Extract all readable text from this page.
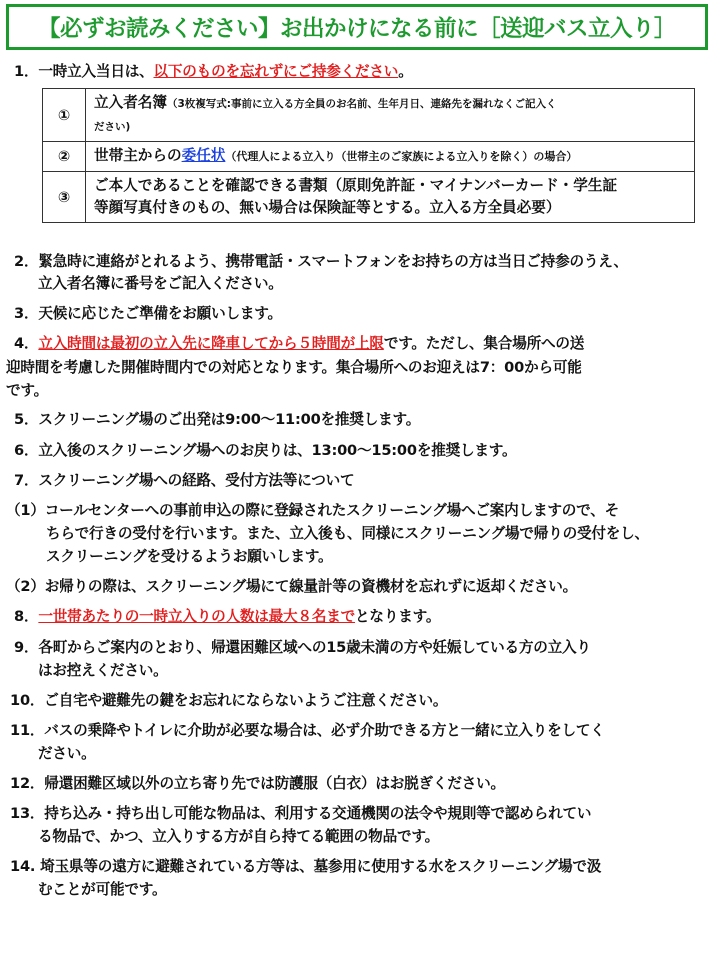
【必ずお読みください】お出かけになる前に［送迎バス立入り］
1．一時立入当日は、以下のものを忘れずにご持参ください。
①	立入者名簿（3枚複写式:事前に立入る方全員のお名前、生年月日、連絡先を漏れなくご記入く
ださい)
②	世帯主からの委任状（代理人による立入り（世帯主のご家族による立入りを除く）の場合）
③	ご本人であることを確認できる書類（原則免許証・マイナンバーカード・学生証
等顔写真付きのもの、無い場合は保険証等とする。立入る方全員必要）
2．緊急時に連絡がとれるよう、携帯電話・スマートフォンをお持ちの方は当日ご持参のうえ、
立入者名簿に番号をご記入ください。
3．天候に応じたご準備をお願いします。
4．立入時間は最初の立入先に降車してから５時間が上限です。ただし、集合場所への送
迎時間を考慮した開催時間内での対応となります。集合場所へのお迎えは7：00から可能
です。
5．スクリーニング場のご出発は9:00～11:00を推奨します。
6．立入後のスクリーニング場へのお戻りは、13:00～15:00を推奨します。
7．スクリーニング場への経路、受付方法等について
（1）コールセンターへの事前申込の際に登録されたスクリーニング場へご案内しますので、そ
ちらで行きの受付を行います。また、立入後も、同様にスクリーニング場で帰りの受付をし、
スクリーニングを受けるようお願いします。
（2）お帰りの際は、スクリーニング場にて線量計等の資機材を忘れずに返却ください。
8．一世帯あたりの一時立入りの人数は最大８名までとなります。
9．各町からご案内のとおり、帰還困難区域への15歳未満の方や妊娠している方の立入り
はお控えください。
10．ご自宅や避難先の鍵をお忘れにならないようご注意ください。
11．バスの乗降やトイレに介助が必要な場合は、必ず介助できる方と一緒に立入りをしてく
ださい。
12．帰還困難区域以外の立ち寄り先では防護服（白衣）はお脱ぎください。
13．持ち込み・持ち出し可能な物品は、利用する交通機関の法令や規則等で認められてい
る物品で、かつ、立入りする方が自ら持てる範囲の物品です。
14. 埼玉県等の遠方に避難されている方等は、墓参用に使用する水をスクリーニング場で汲
むことが可能です。
